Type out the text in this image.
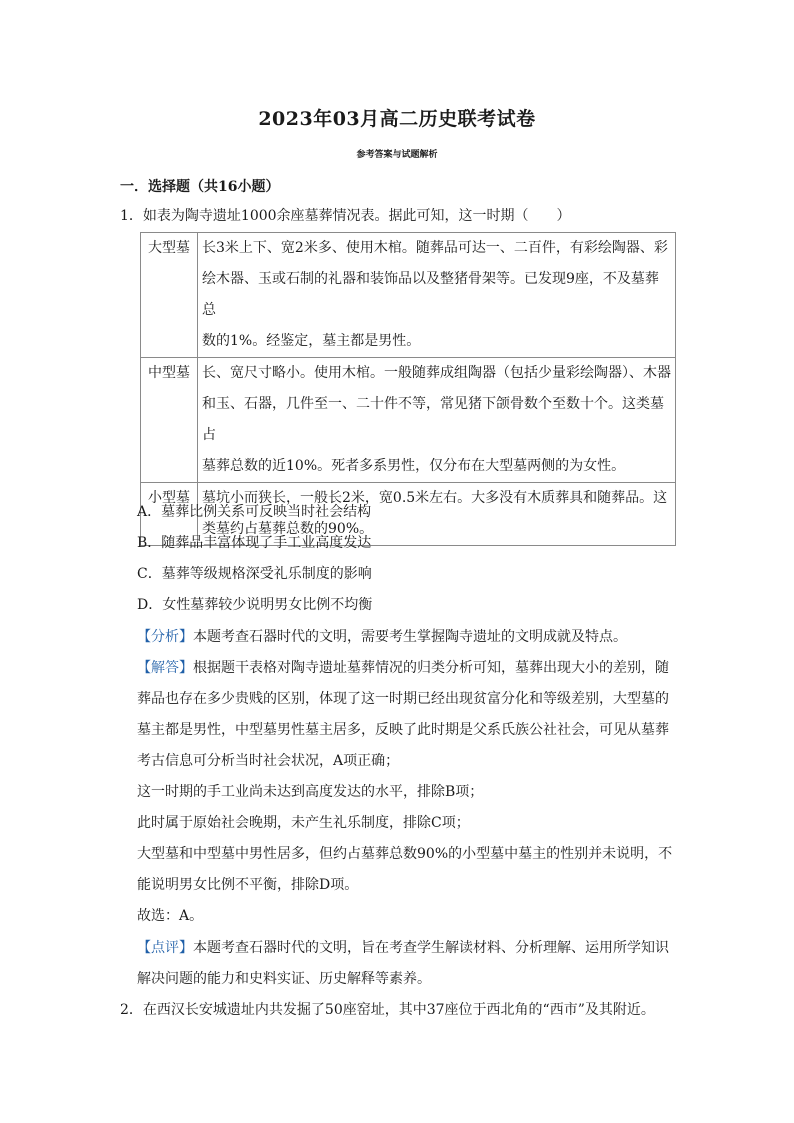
2023年03月高二历史联考试卷
参考答案与试题解析
一．选择题（共16小题）
1．如表为陶寺遗址1000余座墓葬情况表。据此可知，这一时期（　　）
大型墓	长3米上下、宽2米多、使用木棺。随葬品可达一、二百件，有彩绘陶器、彩
绘木器、玉或石制的礼器和装饰品以及整猪骨架等。已发现9座，不及墓葬总
数的1%。经鉴定，墓主都是男性。

中型墓	长、宽尺寸略小。使用木棺。一般随葬成组陶器（包括少量彩绘陶器）、木器
和玉、石器，几件至一、二十件不等，常见猪下颌骨数个至数十个。这类墓占
墓葬总数的近10%。死者多系男性，仅分布在大型墓两侧的为女性。

小型墓	墓坑小而狭长，一般长2米，宽0.5米左右。大多没有木质葬具和随葬品。这
类墓约占墓葬总数的90%。
A．墓葬比例关系可反映当时社会结构
B．随葬品丰富体现了手工业高度发达
C．墓葬等级规格深受礼乐制度的影响
D．女性墓葬较少说明男女比例不均衡
【分析】本题考查石器时代的文明，需要考生掌握陶寺遗址的文明成就及特点。
【解答】根据题干表格对陶寺遗址墓葬情况的归类分析可知，墓葬出现大小的差别，随
葬品也存在多少贵贱的区别，体现了这一时期已经出现贫富分化和等级差别，大型墓的
墓主都是男性，中型墓男性墓主居多，反映了此时期是父系氏族公社社会，可见从墓葬
考古信息可分析当时社会状况，A项正确；
这一时期的手工业尚未达到高度发达的水平，排除B项；
此时属于原始社会晚期，未产生礼乐制度，排除C项；
大型墓和中型墓中男性居多，但约占墓葬总数90%的小型墓中墓主的性别并未说明，不
能说明男女比例不平衡，排除D项。
故选：A。
【点评】本题考查石器时代的文明，旨在考查学生解读材料、分析理解、运用所学知识
解决问题的能力和史料实证、历史解释等素养。
2．在西汉长安城遗址内共发掘了50座窑址，其中37座位于西北角的“西市”及其附近。
